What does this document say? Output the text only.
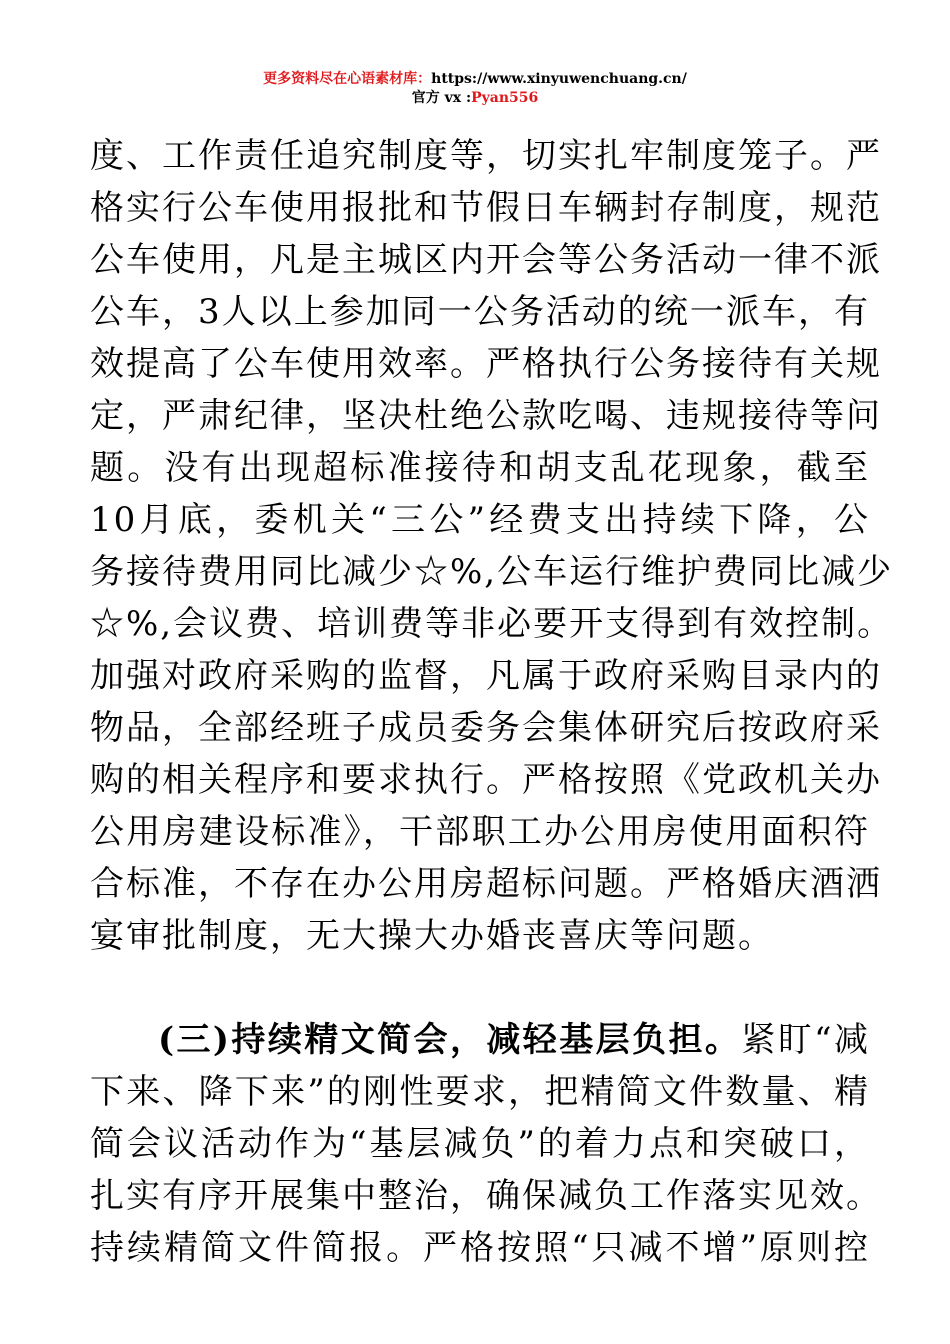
更多资料尽在心语素材库：https://www.xinyuwenchuang.cn/
官方 vx :Pyan556
度、工作责任追究制度等，切实扎牢制度笼子。严
格实行公车使用报批和节假日车辆封存制度，规范
公车使用，凡是主城区内开会等公务活动一律不派
公车，3人以上参加同一公务活动的统一派车，有
效提高了公车使用效率。严格执行公务接待有关规
定，严肃纪律，坚决杜绝公款吃喝、违规接待等问
题。没有出现超标准接待和胡支乱花现象，截至
10月底，委机关“三公”经费支出持续下降，公
务接待费用同比减少☆%,公车运行维护费同比减少
☆%,会议费、培训费等非必要开支得到有效控制。
加强对政府采购的监督，凡属于政府采购目录内的
物品，全部经班子成员委务会集体研究后按政府采
购的相关程序和要求执行。严格按照《党政机关办
公用房建设标准》，干部职工办公用房使用面积符
合标准，不存在办公用房超标问题。严格婚庆酒洒
宴审批制度，无大操大办婚丧喜庆等问题。
(三)持续精文简会，减轻基层负担。紧盯“减
下来、降下来”的刚性要求，把精简文件数量、精
简会议活动作为“基层减负”的着力点和突破口，
扎实有序开展集中整治，确保减负工作落实见效。
持续精简文件简报。严格按照“只减不增”原则控
